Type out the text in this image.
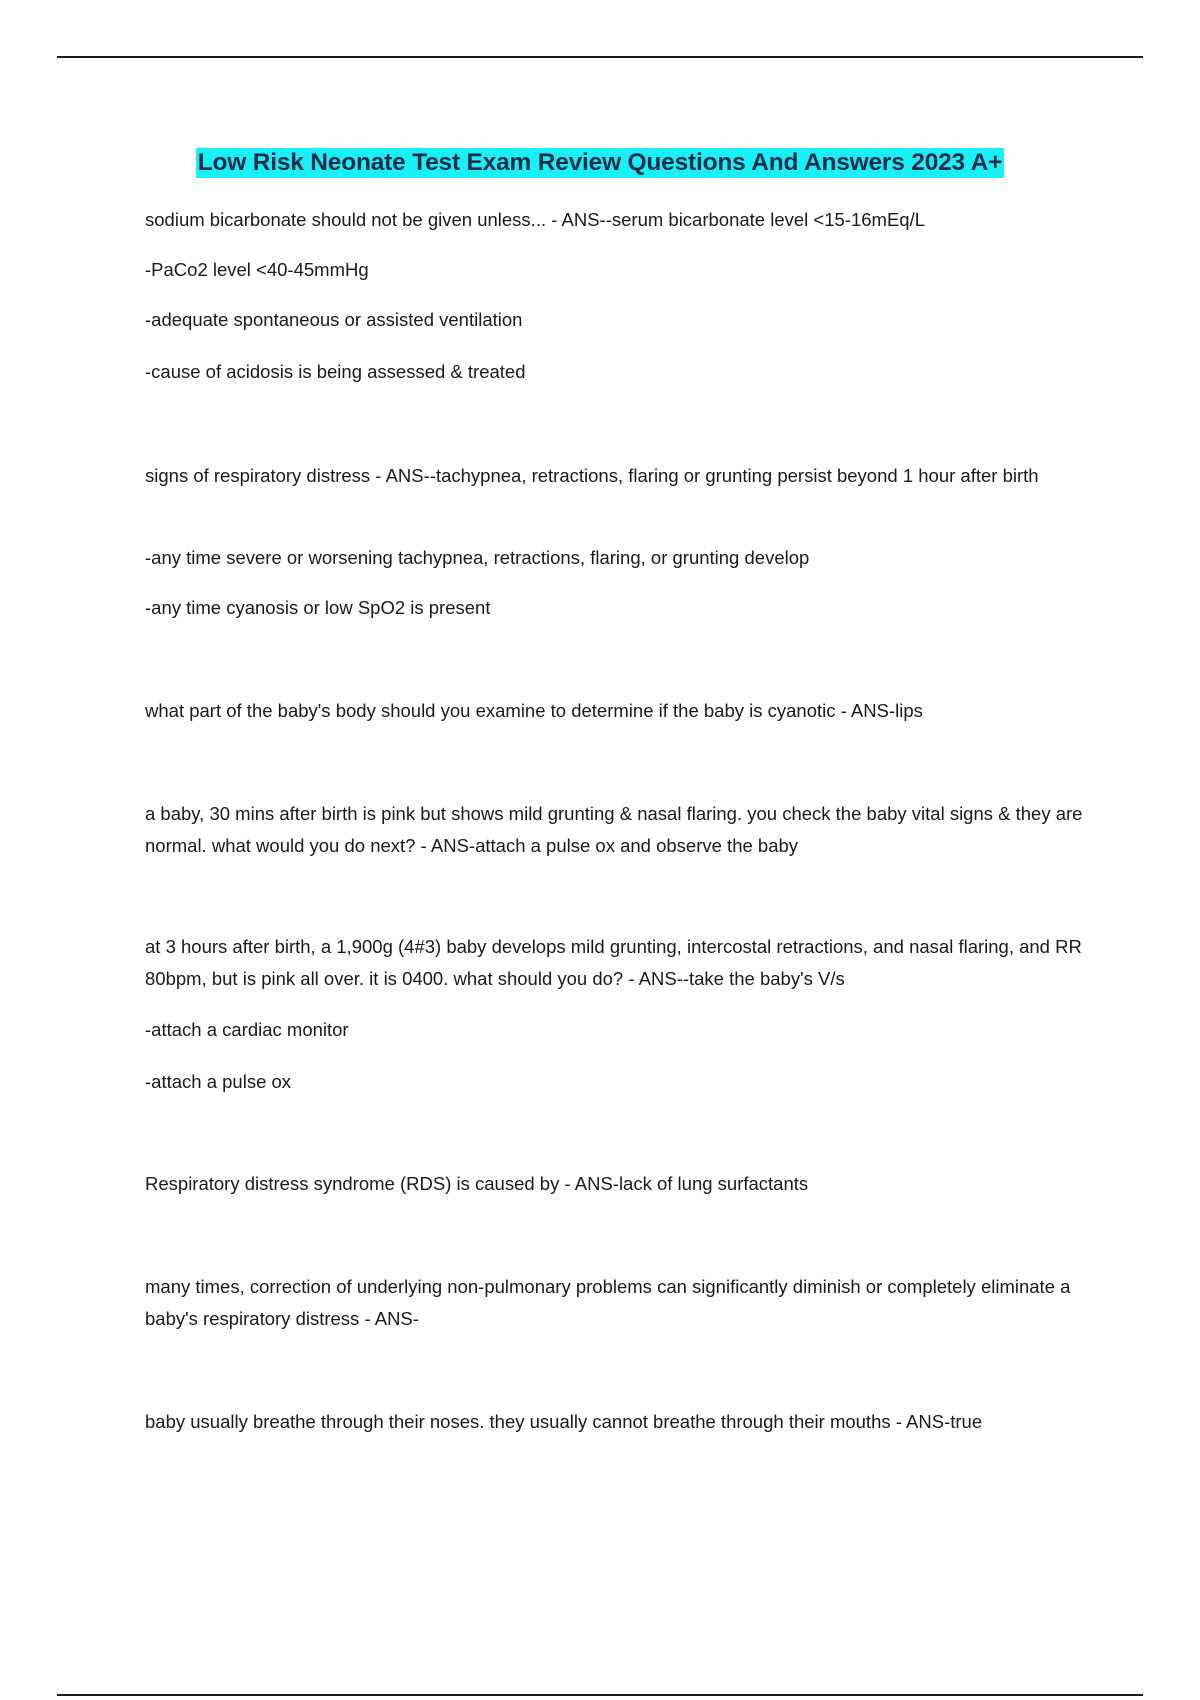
Low Risk Neonate Test Exam Review Questions And Answers 2023 A+
sodium bicarbonate should not be given unless... - ANS--serum bicarbonate level <15-16mEq/L
-PaCo2 level <40-45mmHg
-adequate spontaneous or assisted ventilation
-cause of acidosis is being assessed & treated
signs of respiratory distress - ANS--tachypnea, retractions, flaring or grunting persist beyond 1 hour after birth
-any time severe or worsening tachypnea, retractions, flaring, or grunting develop
-any time cyanosis or low SpO2 is present
what part of the baby's body should you examine to determine if the baby is cyanotic - ANS-lips
a baby, 30 mins after birth is pink but shows mild grunting & nasal flaring. you check the baby vital signs & they are normal. what would you do next? - ANS-attach a pulse ox and observe the baby
at 3 hours after birth, a 1,900g (4#3) baby develops mild grunting, intercostal retractions, and nasal flaring, and RR 80bpm, but is pink all over. it is 0400. what should you do? - ANS--take the baby's V/s
-attach a cardiac monitor
-attach a pulse ox
Respiratory distress syndrome (RDS) is caused by - ANS-lack of lung surfactants
many times, correction of underlying non-pulmonary problems can significantly diminish or completely eliminate a baby's respiratory distress - ANS-
baby usually breathe through their noses. they usually cannot breathe through their mouths - ANS-true
